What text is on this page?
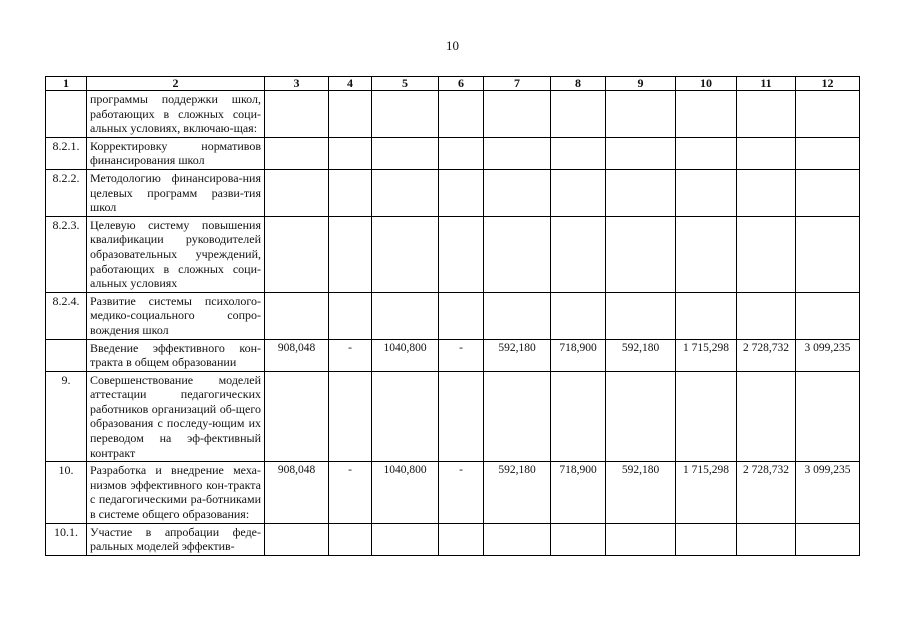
10
1	2	3	4	5	6	7	8	9	10	11	12
	программы поддержки школ, работающих в сложных соци-альных условиях, включаю-щая:										
8.2.1.	Корректировку нормативов финансирования школ										
8.2.2.	Методологию финансирова-ния целевых программ разви-тия школ										
8.2.3.	Целевую систему повышения квалификации руководителей образовательных учреждений, работающих в сложных соци-альных условиях										
8.2.4.	Развитие системы психолого-медико-социального сопро-вождения школ										
	Введение эффективного кон-тракта в общем образовании	908,048	-	1040,800	-	592,180	718,900	592,180	1 715,298	2 728,732	3 099,235
9.	Совершенствование моделей аттестации педагогических работников организаций об-щего образования с последу-ющим их переводом на эф-фективный контракт										
10.	Разработка и внедрение меха-низмов эффективного кон-тракта с педагогическими ра-ботниками в системе общего образования:	908,048	-	1040,800	-	592,180	718,900	592,180	1 715,298	2 728,732	3 099,235
10.1.	Участие в апробации феде-ральных моделей эффектив-										
